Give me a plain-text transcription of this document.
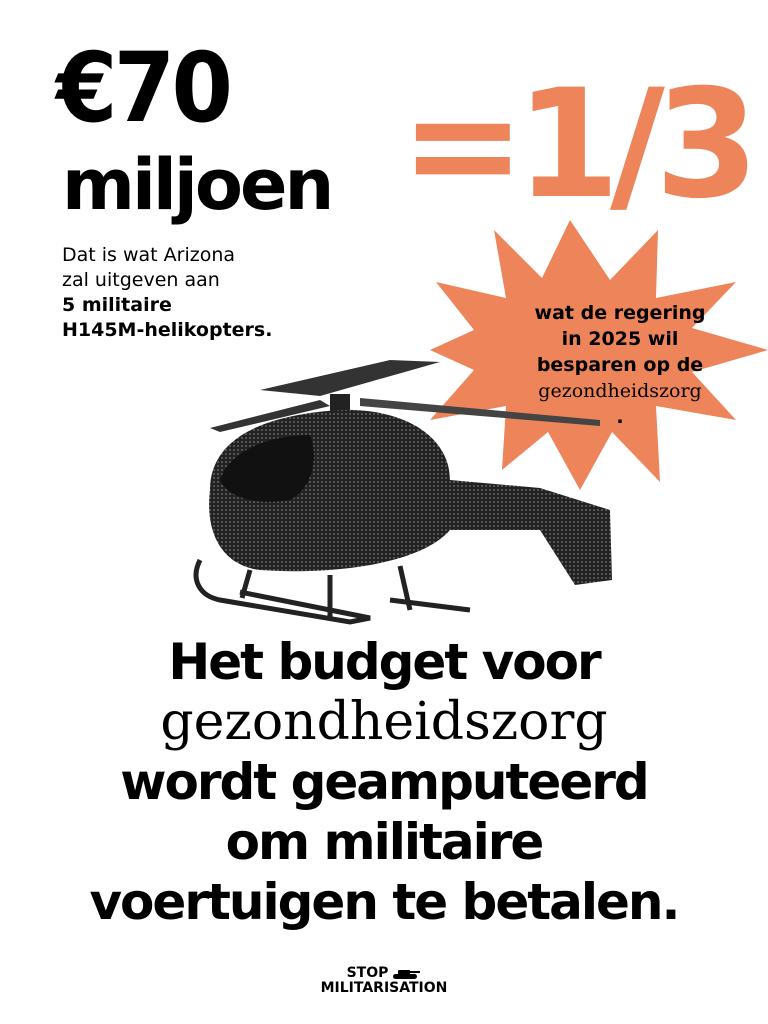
€70
miljoen
Dat is wat Arizona
zal uitgeven aan
5 militaire
H145M-helikopters.
=1/3
wat de regering
in 2025 wil
besparen op de
gezondheidszorg
.
Het budget voor
gezondheidszorg
wordt geamputeerd
om militaire
voertuigen te betalen.
STOP
MILITARISATION
